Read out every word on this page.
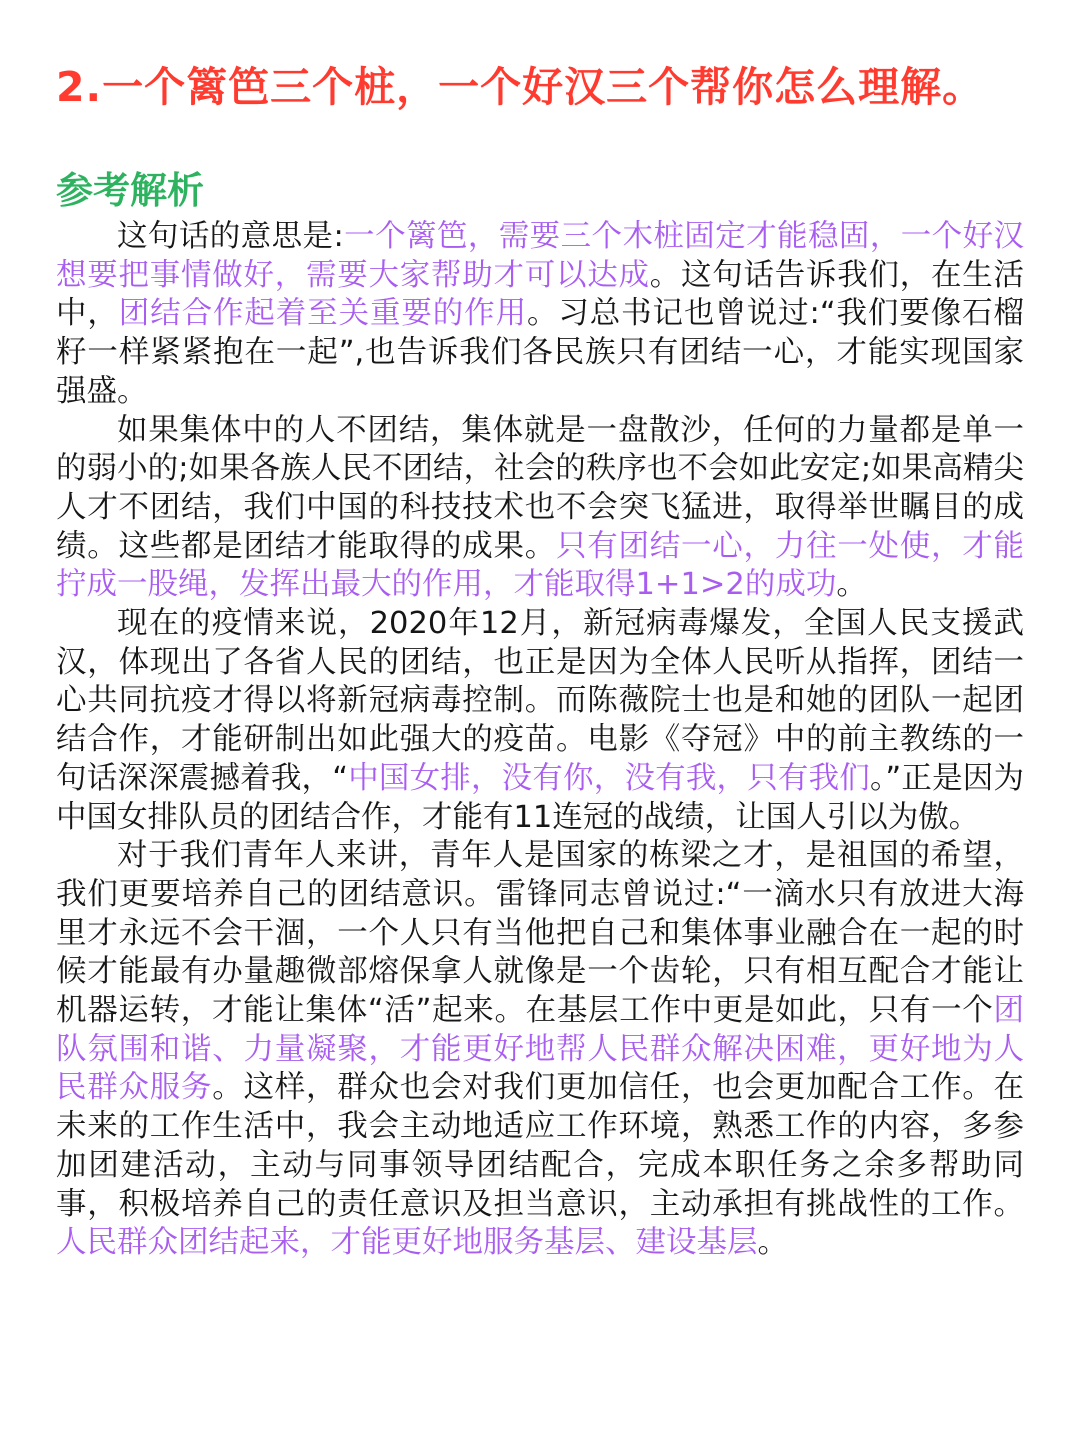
2.一个篱笆三个桩，一个好汉三个帮你怎么理解。
参考解析

这句话的意思是:一个篱笆，需要三个木桩固定才能稳固，一个好汉想要把事情做好，需要大家帮助才可以达成。这句话告诉我们，在生活中，团结合作起着至关重要的作用。习总书记也曾说过:“我们要像石榴籽一样紧紧抱在一起”,也告诉我们各民族只有团结一心，才能实现国家强盛。

如果集体中的人不团结，集体就是一盘散沙，任何的力量都是单一的弱小的;如果各族人民不团结，社会的秩序也不会如此安定;如果高精尖人才不团结，我们中国的科技技术也不会突飞猛进，取得举世瞩目的成绩。这些都是团结才能取得的成果。只有团结一心，力往一处使，才能拧成一股绳，发挥出最大的作用，才能取得1+1>2的成功。

现在的疫情来说，2020年12月，新冠病毒爆发，全国人民支援武汉，体现出了各省人民的团结，也正是因为全体人民听从指挥，团结一心共同抗疫才得以将新冠病毒控制。而陈薇院士也是和她的团队一起团结合作，才能研制出如此强大的疫苗。电影《夺冠》中的前主教练的一句话深深震撼着我，“中国女排，没有你，没有我，只有我们。”正是因为中国女排队员的团结合作，才能有11连冠的战绩，让国人引以为傲。

对于我们青年人来讲，青年人是国家的栋梁之才，是祖国的希望，我们更要培养自己的团结意识。雷锋同志曾说过:“一滴水只有放进大海里才永远不会干涸，一个人只有当他把自己和集体事业融合在一起的时候才能最有办量趣微部熔保拿人就像是一个齿轮，只有相互配合才能让机器运转，才能让集体“活”起来。在基层工作中更是如此，只有一个团队氛围和谐、力量凝聚，才能更好地帮人民群众解决困难，更好地为人民群众服务。这样，群众也会对我们更加信任，也会更加配合工作。在未来的工作生活中，我会主动地适应工作环境，熟悉工作的内容，多参加团建活动，主动与同事领导团结配合，完成本职任务之余多帮助同事，积极培养自己的责任意识及担当意识，主动承担有挑战性的工作。人民群众团结起来，才能更好地服务基层、建设基层。
